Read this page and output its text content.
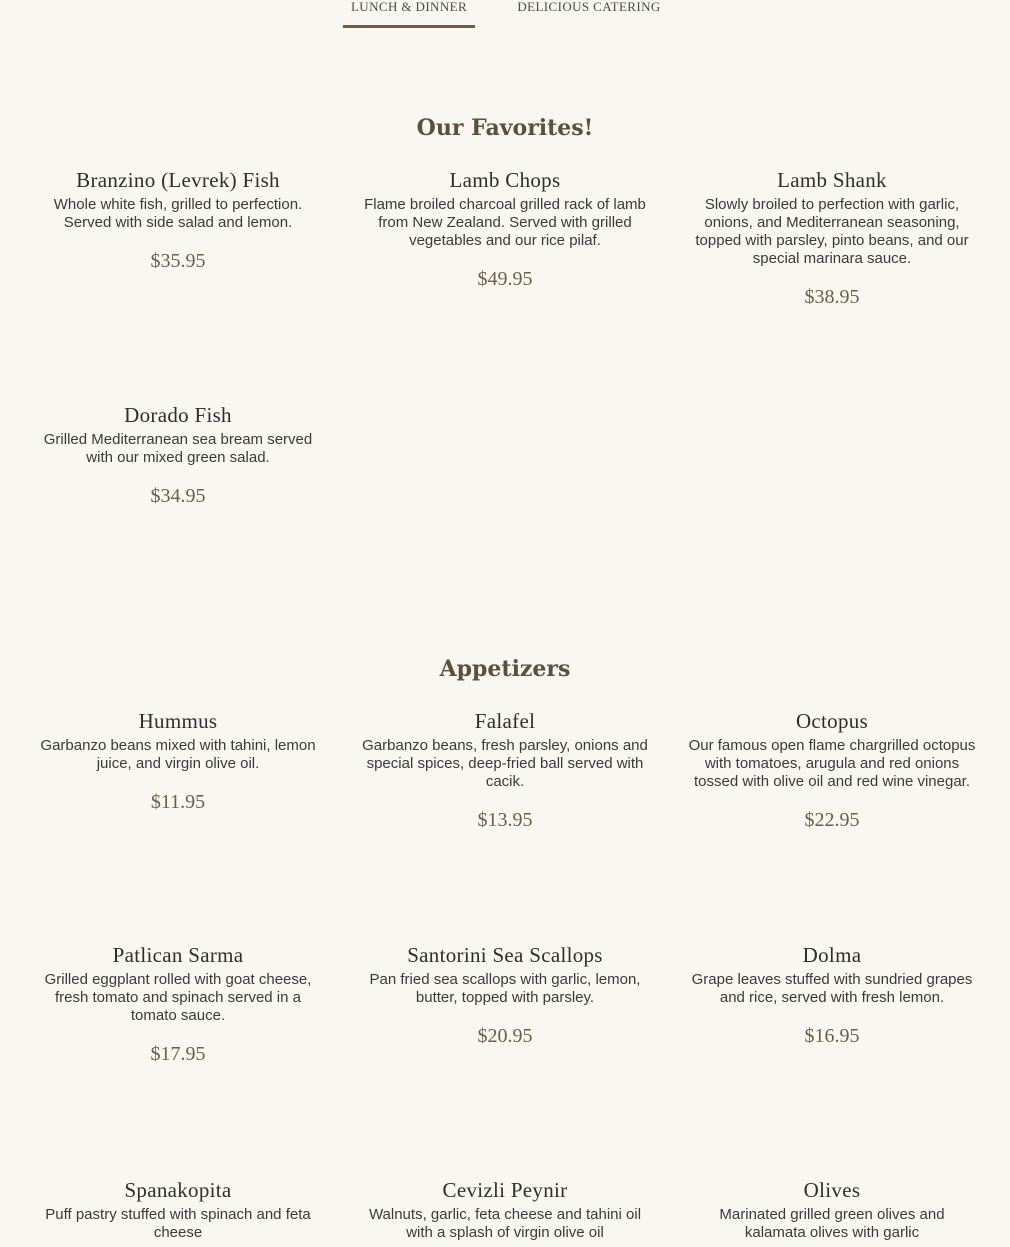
LUNCH & DINNER	DELICIOUS CATERING
Our Favorites!
Branzino (Levrek) Fish

Whole white fish, grilled to perfection. Served with side salad and lemon.

$35.95
Lamb Chops

Flame broiled charcoal grilled rack of lamb from New Zealand. Served with grilled vegetables and our rice pilaf.

$49.95
Lamb Shank

Slowly broiled to perfection with garlic, onions, and Mediterranean seasoning, topped with parsley, pinto beans, and our special marinara sauce.

$38.95
Dorado Fish

Grilled Mediterranean sea bream served with our mixed green salad.

$34.95
Appetizers
Hummus

Garbanzo beans mixed with tahini, lemon juice, and virgin olive oil.

$11.95
Falafel

Garbanzo beans, fresh parsley, onions and special spices, deep-fried ball served with cacik.

$13.95
Octopus

Our famous open flame chargrilled octopus with tomatoes, arugula and red onions tossed with olive oil and red wine vinegar.

$22.95
Patlican Sarma

Grilled eggplant rolled with goat cheese, fresh tomato and spinach served in a tomato sauce.

$17.95
Santorini Sea Scallops

Pan fried sea scallops with garlic, lemon, butter, topped with parsley.

$20.95
Dolma

Grape leaves stuffed with sundried grapes and rice, served with fresh lemon.

$16.95
Spanakopita

Puff pastry stuffed with spinach and feta cheese

Cevizli Peynir

Walnuts, garlic, feta cheese and tahini oil with a splash of virgin olive oil

Olives

Marinated grilled green olives and kalamata olives with garlic
